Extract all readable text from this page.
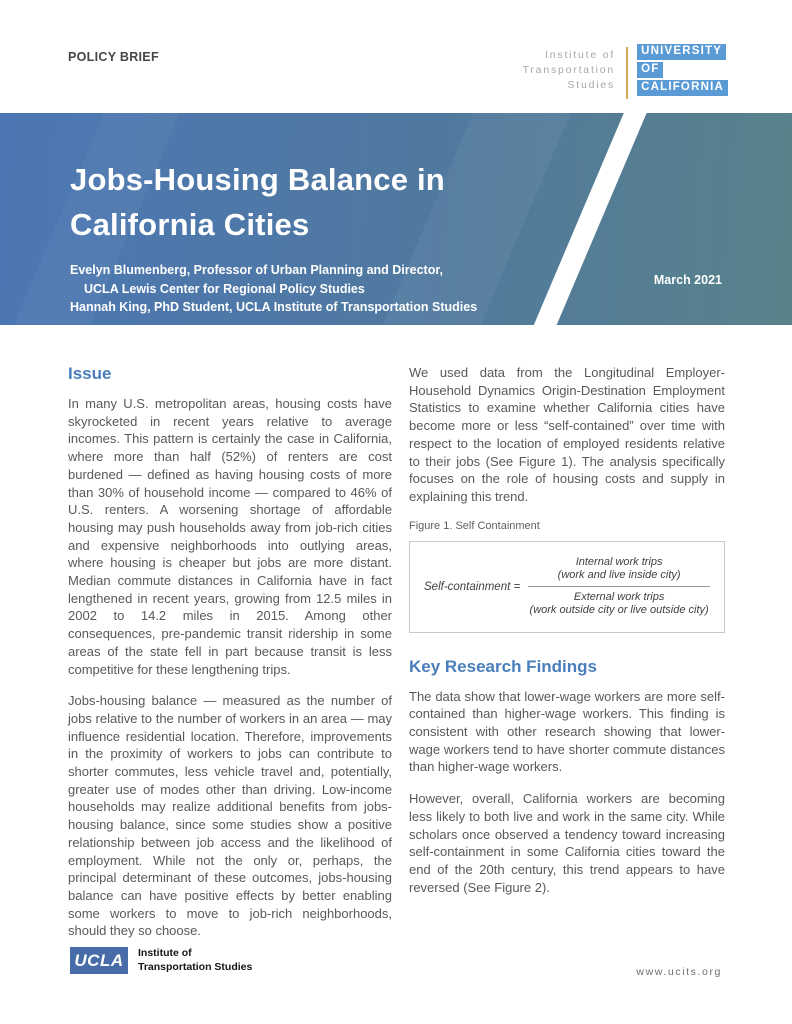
POLICY BRIEF	Institute of
Transportation
Studies
UNIVERSITY
OF
CALIFORNIA
Jobs-Housing Balance in
California Cities
Evelyn Blumenberg, Professor of Urban Planning and Director,
UCLA Lewis Center for Regional Policy Studies
Hannah King, PhD Student, UCLA Institute of Transportation Studies
March 2021
Issue

In many U.S. metropolitan areas, housing costs have skyrocketed in recent years relative to average incomes. This pattern is certainly the case in California, where more than half (52%) of renters are cost burdened — defined as having housing costs of more than 30% of household income — compared to 46% of U.S. renters. A worsening shortage of affordable housing may push households away from job-rich cities and expensive neighborhoods into outlying areas, where housing is cheaper but jobs are more distant. Median commute distances in California have in fact lengthened in recent years, growing from 12.5 miles in 2002 to 14.2 miles in 2015. Among other consequences, pre-pandemic transit ridership in some areas of the state fell in part because transit is less competitive for these lengthening trips.

Jobs-housing balance — measured as the number of jobs relative to the number of workers in an area — may influence residential location. Therefore, improvements in the proximity of workers to jobs can contribute to shorter commutes, less vehicle travel and, potentially, greater use of modes other than driving. Low-income households may realize additional benefits from jobs-housing balance, since some studies show a positive relationship between job access and the likelihood of employment. While not the only or, perhaps, the principal determinant of these outcomes, jobs-housing balance can have positive effects by better enabling some workers to move to job-rich neighborhoods, should they so choose.

We used data from the Longitudinal Employer-Household Dynamics Origin-Destination Employment Statistics to examine whether California cities have become more or less “self-contained” over time with respect to the location of employed residents relative to their jobs (See Figure 1). The analysis specifically focuses on the role of housing costs and supply in explaining this trend.

Figure 1. Self Containment
Self-containment =
Internal work trips
(work and live inside city)
External work trips
(work outside city or live outside city)
Key Research Findings

The data show that lower-wage workers are more self-contained than higher-wage workers. This finding is consistent with other research showing that lower-wage workers tend to have shorter commute distances than higher-wage workers.

However, overall, California workers are becoming less likely to both live and work in the same city. While scholars once observed a tendency toward increasing self-containment in some California cities toward the end of the 20th century, this trend appears to have reversed (See Figure 2).

UCLA	Institute of
Transportation Studies	www.ucits.org
